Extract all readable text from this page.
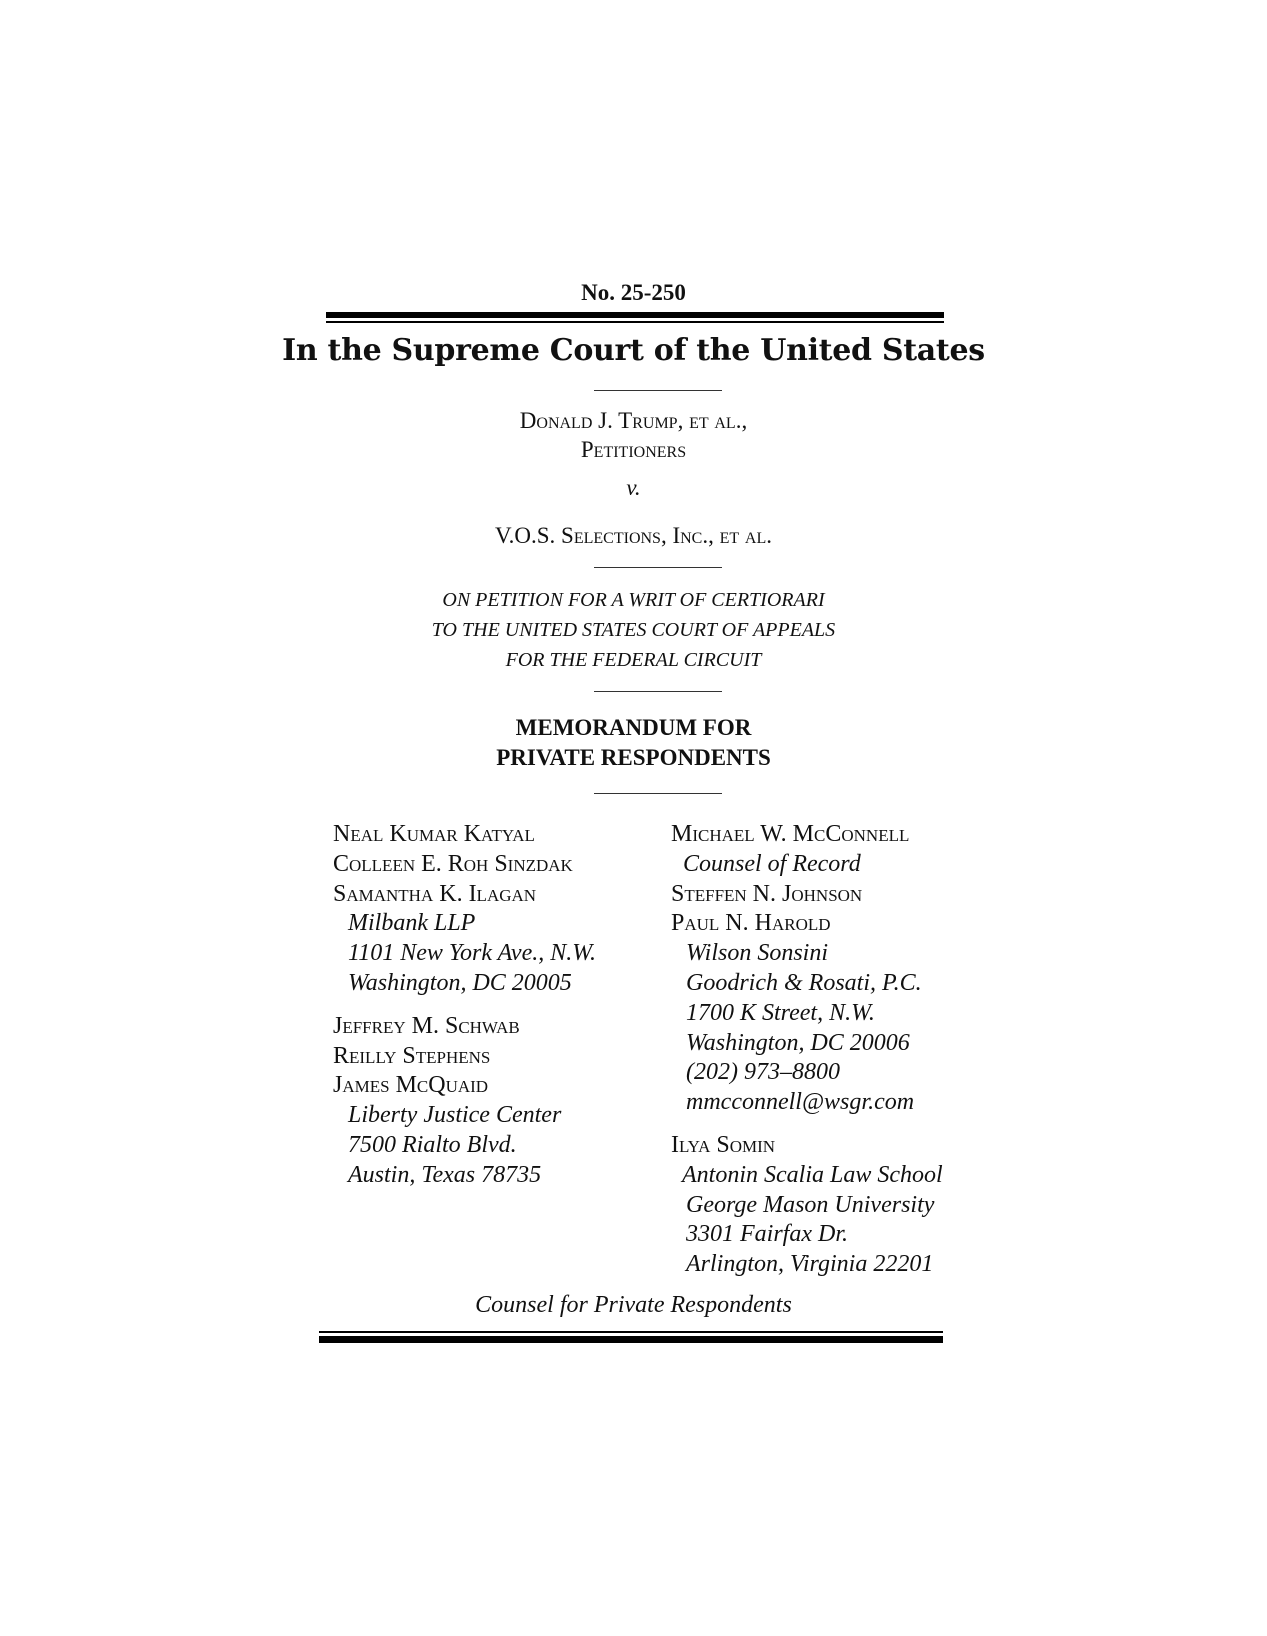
No. 25-250
In the Supreme Court of the United States
Donald J. Trump, et al.,
Petitioners
v.
V.O.S. Selections, Inc., et al.
ON PETITION FOR A WRIT OF CERTIORARI
TO THE UNITED STATES COURT OF APPEALS
FOR THE FEDERAL CIRCUIT
MEMORANDUM FOR
PRIVATE RESPONDENTS
Neal Kumar Katyal
Colleen E. Roh Sinzdak
Samantha K. Ilagan
Milbank LLP
1101 New York Ave., N.W.
Washington, DC 20005
Jeffrey M. Schwab
Reilly Stephens
James McQuaid
Liberty Justice Center
7500 Rialto Blvd.
Austin, Texas 78735
Michael W. McConnell
Counsel of Record
Steffen N. Johnson
Paul N. Harold
Wilson Sonsini
Goodrich & Rosati, P.C.
1700 K Street, N.W.
Washington, DC 20006
(202) 973–8800
mmcconnell@wsgr.com
Ilya Somin
Antonin Scalia Law School
George Mason University
3301 Fairfax Dr.
Arlington, Virginia 22201
Counsel for Private Respondents
